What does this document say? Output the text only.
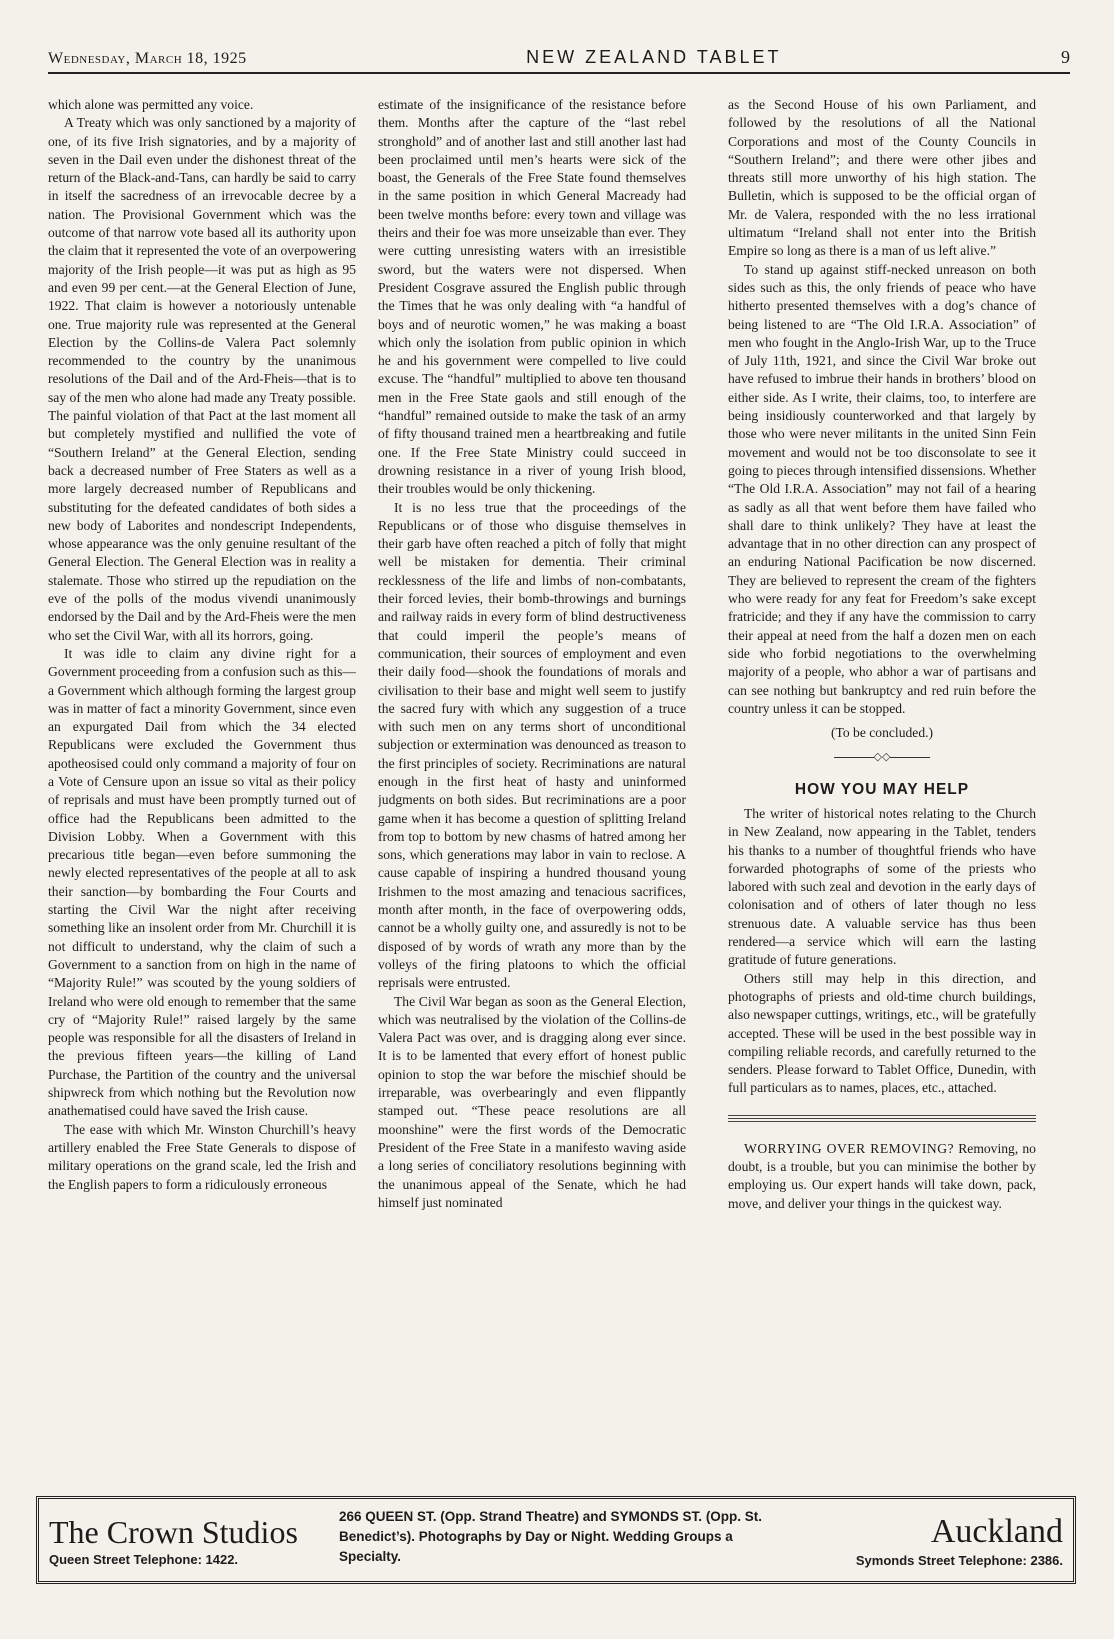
Wednesday, March 18, 1925	NEW ZEALAND TABLET	9

which alone was permitted any voice.

A Treaty which was only sanctioned by a majority of one, of its five Irish signatories, and by a majority of seven in the Dail even under the dishonest threat of the return of the Black-and-Tans, can hardly be said to carry in itself the sacredness of an irrevocable decree by a nation. The Provisional Government which was the outcome of that narrow vote based all its authority upon the claim that it represented the vote of an overpowering majority of the Irish people—it was put as high as 95 and even 99 per cent.—at the General Election of June, 1922. That claim is however a notoriously untenable one. True majority rule was represented at the General Election by the Collins-de Valera Pact solemnly recommended to the country by the unanimous resolutions of the Dail and of the Ard-Fheis—that is to say of the men who alone had made any Treaty possible. The painful violation of that Pact at the last moment all but completely mystified and nullified the vote of “Southern Ireland” at the General Election, sending back a decreased number of Free Staters as well as a more largely decreased number of Republicans and substituting for the defeated candidates of both sides a new body of Laborites and nondescript Independents, whose appearance was the only genuine resultant of the General Election. The General Election was in reality a stalemate. Those who stirred up the repudiation on the eve of the polls of the modus vivendi unanimously endorsed by the Dail and by the Ard-Fheis were the men who set the Civil War, with all its horrors, going.

It was idle to claim any divine right for a Government proceeding from a confusion such as this—a Government which although forming the largest group was in matter of fact a minority Government, since even an expurgated Dail from which the 34 elected Republicans were excluded the Government thus apotheosised could only command a majority of four on a Vote of Censure upon an issue so vital as their policy of reprisals and must have been promptly turned out of office had the Republicans been admitted to the Division Lobby. When a Government with this precarious title began—even before summoning the newly elected representatives of the people at all to ask their sanction—by bombarding the Four Courts and starting the Civil War the night after receiving something like an insolent order from Mr. Churchill it is not difficult to understand, why the claim of such a Government to a sanction from on high in the name of “Majority Rule!” was scouted by the young soldiers of Ireland who were old enough to remember that the same cry of “Majority Rule!” raised largely by the same people was responsible for all the disasters of Ireland in the previous fifteen years—the killing of Land Purchase, the Partition of the country and the universal shipwreck from which nothing but the Revolution now anathematised could have saved the Irish cause.

The ease with which Mr. Winston Churchill’s heavy artillery enabled the Free State Generals to dispose of military operations on the grand scale, led the Irish and the English papers to form a ridiculously erroneous

estimate of the insignificance of the resistance before them. Months after the capture of the “last rebel stronghold” and of another last and still another last had been proclaimed until men’s hearts were sick of the boast, the Generals of the Free State found themselves in the same position in which General Macready had been twelve months before: every town and village was theirs and their foe was more unseizable than ever. They were cutting unresisting waters with an irresistible sword, but the waters were not dispersed. When President Cosgrave assured the English public through the Times that he was only dealing with “a handful of boys and of neurotic women,” he was making a boast which only the isolation from public opinion in which he and his government were compelled to live could excuse. The “handful” multiplied to above ten thousand men in the Free State gaols and still enough of the “handful” remained outside to make the task of an army of fifty thousand trained men a heartbreaking and futile one. If the Free State Ministry could succeed in drowning resistance in a river of young Irish blood, their troubles would be only thickening.

It is no less true that the proceedings of the Republicans or of those who disguise themselves in their garb have often reached a pitch of folly that might well be mistaken for dementia. Their criminal recklessness of the life and limbs of non-combatants, their forced levies, their bomb-throwings and burnings and railway raids in every form of blind destructiveness that could imperil the people’s means of communication, their sources of employment and even their daily food—shook the foundations of morals and civilisation to their base and might well seem to justify the sacred fury with which any suggestion of a truce with such men on any terms short of unconditional subjection or extermination was denounced as treason to the first principles of society. Recriminations are natural enough in the first heat of hasty and uninformed judgments on both sides. But recriminations are a poor game when it has become a question of splitting Ireland from top to bottom by new chasms of hatred among her sons, which generations may labor in vain to reclose. A cause capable of inspiring a hundred thousand young Irishmen to the most amazing and tenacious sacrifices, month after month, in the face of overpowering odds, cannot be a wholly guilty one, and assuredly is not to be disposed of by words of wrath any more than by the volleys of the firing platoons to which the official reprisals were entrusted.

The Civil War began as soon as the General Election, which was neutralised by the violation of the Collins-de Valera Pact was over, and is dragging along ever since. It is to be lamented that every effort of honest public opinion to stop the war before the mischief should be irreparable, was overbearingly and even flippantly stamped out. “These peace resolutions are all moonshine” were the first words of the Democratic President of the Free State in a manifesto waving aside a long series of conciliatory resolutions beginning with the unanimous appeal of the Senate, which he had himself just nominated

as the Second House of his own Parliament, and followed by the resolutions of all the National Corporations and most of the County Councils in “Southern Ireland”; and there were other jibes and threats still more unworthy of his high station. The Bulletin, which is supposed to be the official organ of Mr. de Valera, responded with the no less irrational ultimatum “Ireland shall not enter into the British Empire so long as there is a man of us left alive.”

To stand up against stiff-necked unreason on both sides such as this, the only friends of peace who have hitherto presented themselves with a dog’s chance of being listened to are “The Old I.R.A. Association” of men who fought in the Anglo-Irish War, up to the Truce of July 11th, 1921, and since the Civil War broke out have refused to imbrue their hands in brothers’ blood on either side. As I write, their claims, too, to interfere are being insidiously counterworked and that largely by those who were never militants in the united Sinn Fein movement and would not be too disconsolate to see it going to pieces through intensified dissensions. Whether “The Old I.R.A. Association” may not fail of a hearing as sadly as all that went before them have failed who shall dare to think unlikely? They have at least the advantage that in no other direction can any prospect of an enduring National Pacification be now discerned. They are believed to represent the cream of the fighters who were ready for any feat for Freedom’s sake except fratricide; and they if any have the commission to carry their appeal at need from the half a dozen men on each side who forbid negotiations to the overwhelming majority of a people, who abhor a war of partisans and can see nothing but bankruptcy and red ruin before the country unless it can be stopped.

(To be concluded.)

◇◇
HOW YOU MAY HELP

The writer of historical notes relating to the Church in New Zealand, now appearing in the Tablet, tenders his thanks to a number of thoughtful friends who have forwarded photographs of some of the priests who labored with such zeal and devotion in the early days of colonisation and of others of later though no less strenuous date. A valuable service has thus been rendered—a service which will earn the lasting gratitude of future generations.

Others still may help in this direction, and photographs of priests and old-time church buildings, also newspaper cuttings, writings, etc., will be gratefully accepted. These will be used in the best possible way in compiling reliable records, and carefully returned to the senders. Please forward to Tablet Office, Dunedin, with full particulars as to names, places, etc., attached.

WORRYING OVER REMOVING? Removing, no doubt, is a trouble, but you can minimise the bother by employing us. Our expert hands will take down, pack, move, and deliver your things in the quickest way.

The Crown Studios
Queen Street Telephone: 1422.
266 QUEEN ST. (Opp. Strand Theatre) and SYMONDS ST. (Opp. St. Benedict’s). Photographs by Day or Night. Wedding Groups a Specialty.
Auckland
Symonds Street Telephone: 2386.
